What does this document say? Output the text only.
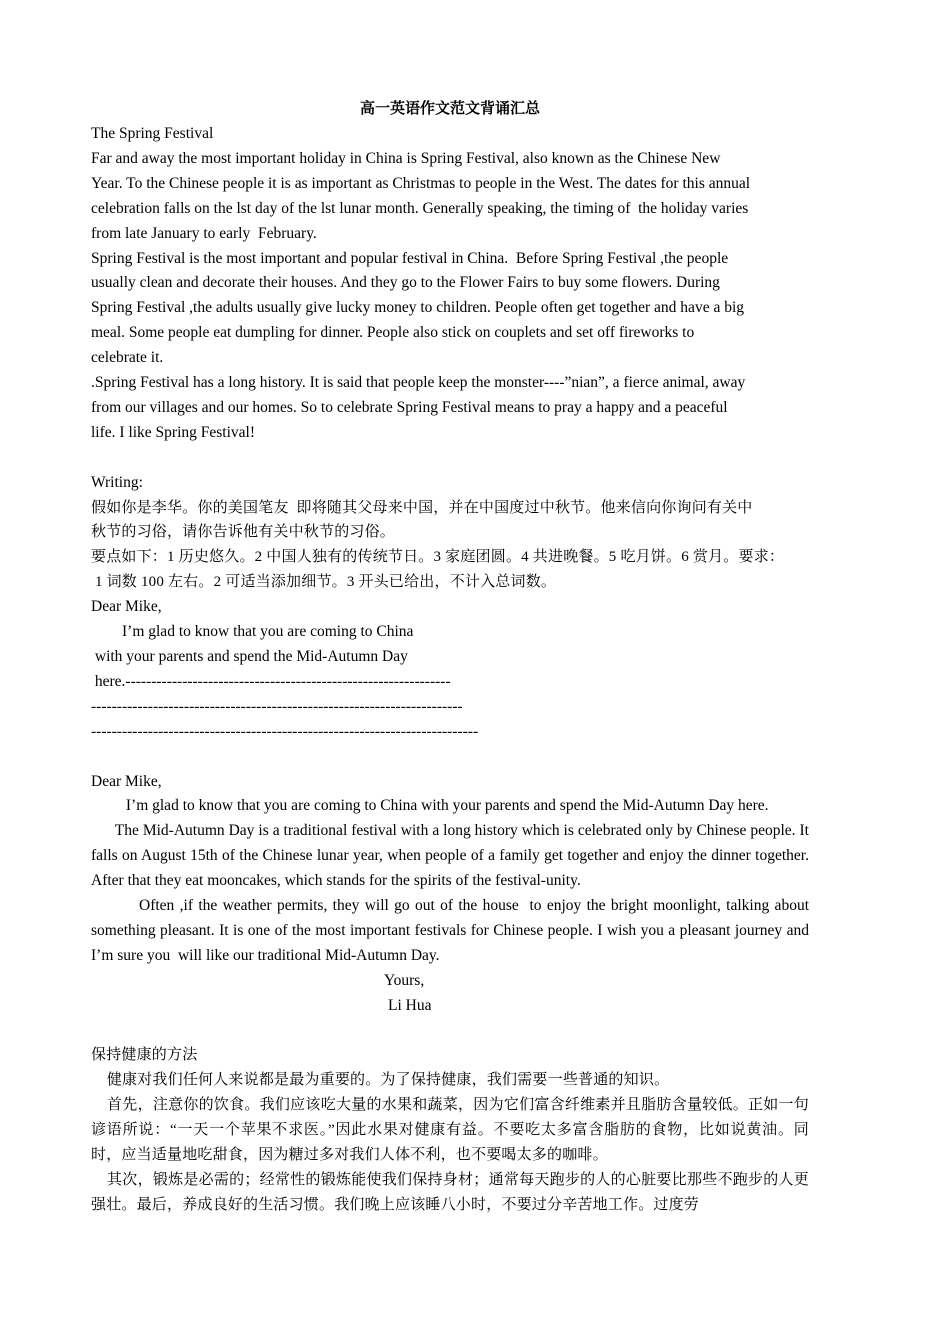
高一英语作文范文背诵汇总

The Spring Festival

Far and away the most important holiday in China is Spring Festival, also known as the Chinese New

Year. To the Chinese people it is as important as Christmas to people in the West. The dates for this annual

celebration falls on the lst day of the lst lunar month. Generally speaking, the timing of  the holiday varies

from late January to early  February.

Spring Festival is the most important and popular festival in China.  Before Spring Festival ,the people

usually clean and decorate their houses. And they go to the Flower Fairs to buy some flowers. During

Spring Festival ,the adults usually give lucky money to children. People often get together and have a big

meal. Some people eat dumpling for dinner. People also stick on couplets and set off fireworks to

celebrate it.

.Spring Festival has a long history. It is said that people keep the monster----”nian”, a fierce animal, away

from our villages and our homes. So to celebrate Spring Festival means to pray a happy and a peaceful

life. I like Spring Festival!

Writing:

假如你是李华。你的美国笔友  即将随其父母来中国，并在中国度过中秋节。他来信向你询问有关中

秋节的习俗，请你告诉他有关中秋节的习俗。

要点如下：1 历史悠久。2 中国人独有的传统节日。3 家庭团圆。4 共进晚餐。5 吃月饼。6 赏月。要求：

1 词数 100 左右。2 可适当添加细节。3 开头已给出，不计入总词数。

Dear Mike,

I’m glad to know that you are coming to China

with your parents and spend the Mid-Autumn Day

here.---------------------------------------------------------------

------------------------------------------------------------------------

---------------------------------------------------------------------------

Dear Mike,

I’m glad to know that you are coming to China with your parents and spend the Mid-Autumn Day here.

The Mid-Autumn Day is a traditional festival with a long history which is celebrated only by Chinese people. It falls on August 15th of the Chinese lunar year, when people of a family get together and enjoy the dinner together. After that they eat mooncakes, which stands for the spirits of the festival-unity.

Often ,if the weather permits, they will go out of the house  to enjoy the bright moonlight, talking about something pleasant. It is one of the most important festivals for Chinese people. I wish you a pleasant journey and I’m sure you  will like our traditional Mid-Autumn Day.

Yours,

Li Hua

保持健康的方法

健康对我们任何人来说都是最为重要的。为了保持健康，我们需要一些普通的知识。

首先，注意你的饮食。我们应该吃大量的水果和蔬菜，因为它们富含纤维素并且脂肪含量较低。正如一句谚语所说：“一天一个苹果不求医。”因此水果对健康有益。不要吃太多富含脂肪的食物，比如说黄油。同时，应当适量地吃甜食，因为糖过多对我们人体不利，也不要喝太多的咖啡。

其次，锻炼是必需的；经常性的锻炼能使我们保持身材；通常每天跑步的人的心脏要比那些不跑步的人更强壮。最后，养成良好的生活习惯。我们晚上应该睡八小时，不要过分辛苦地工作。过度劳
